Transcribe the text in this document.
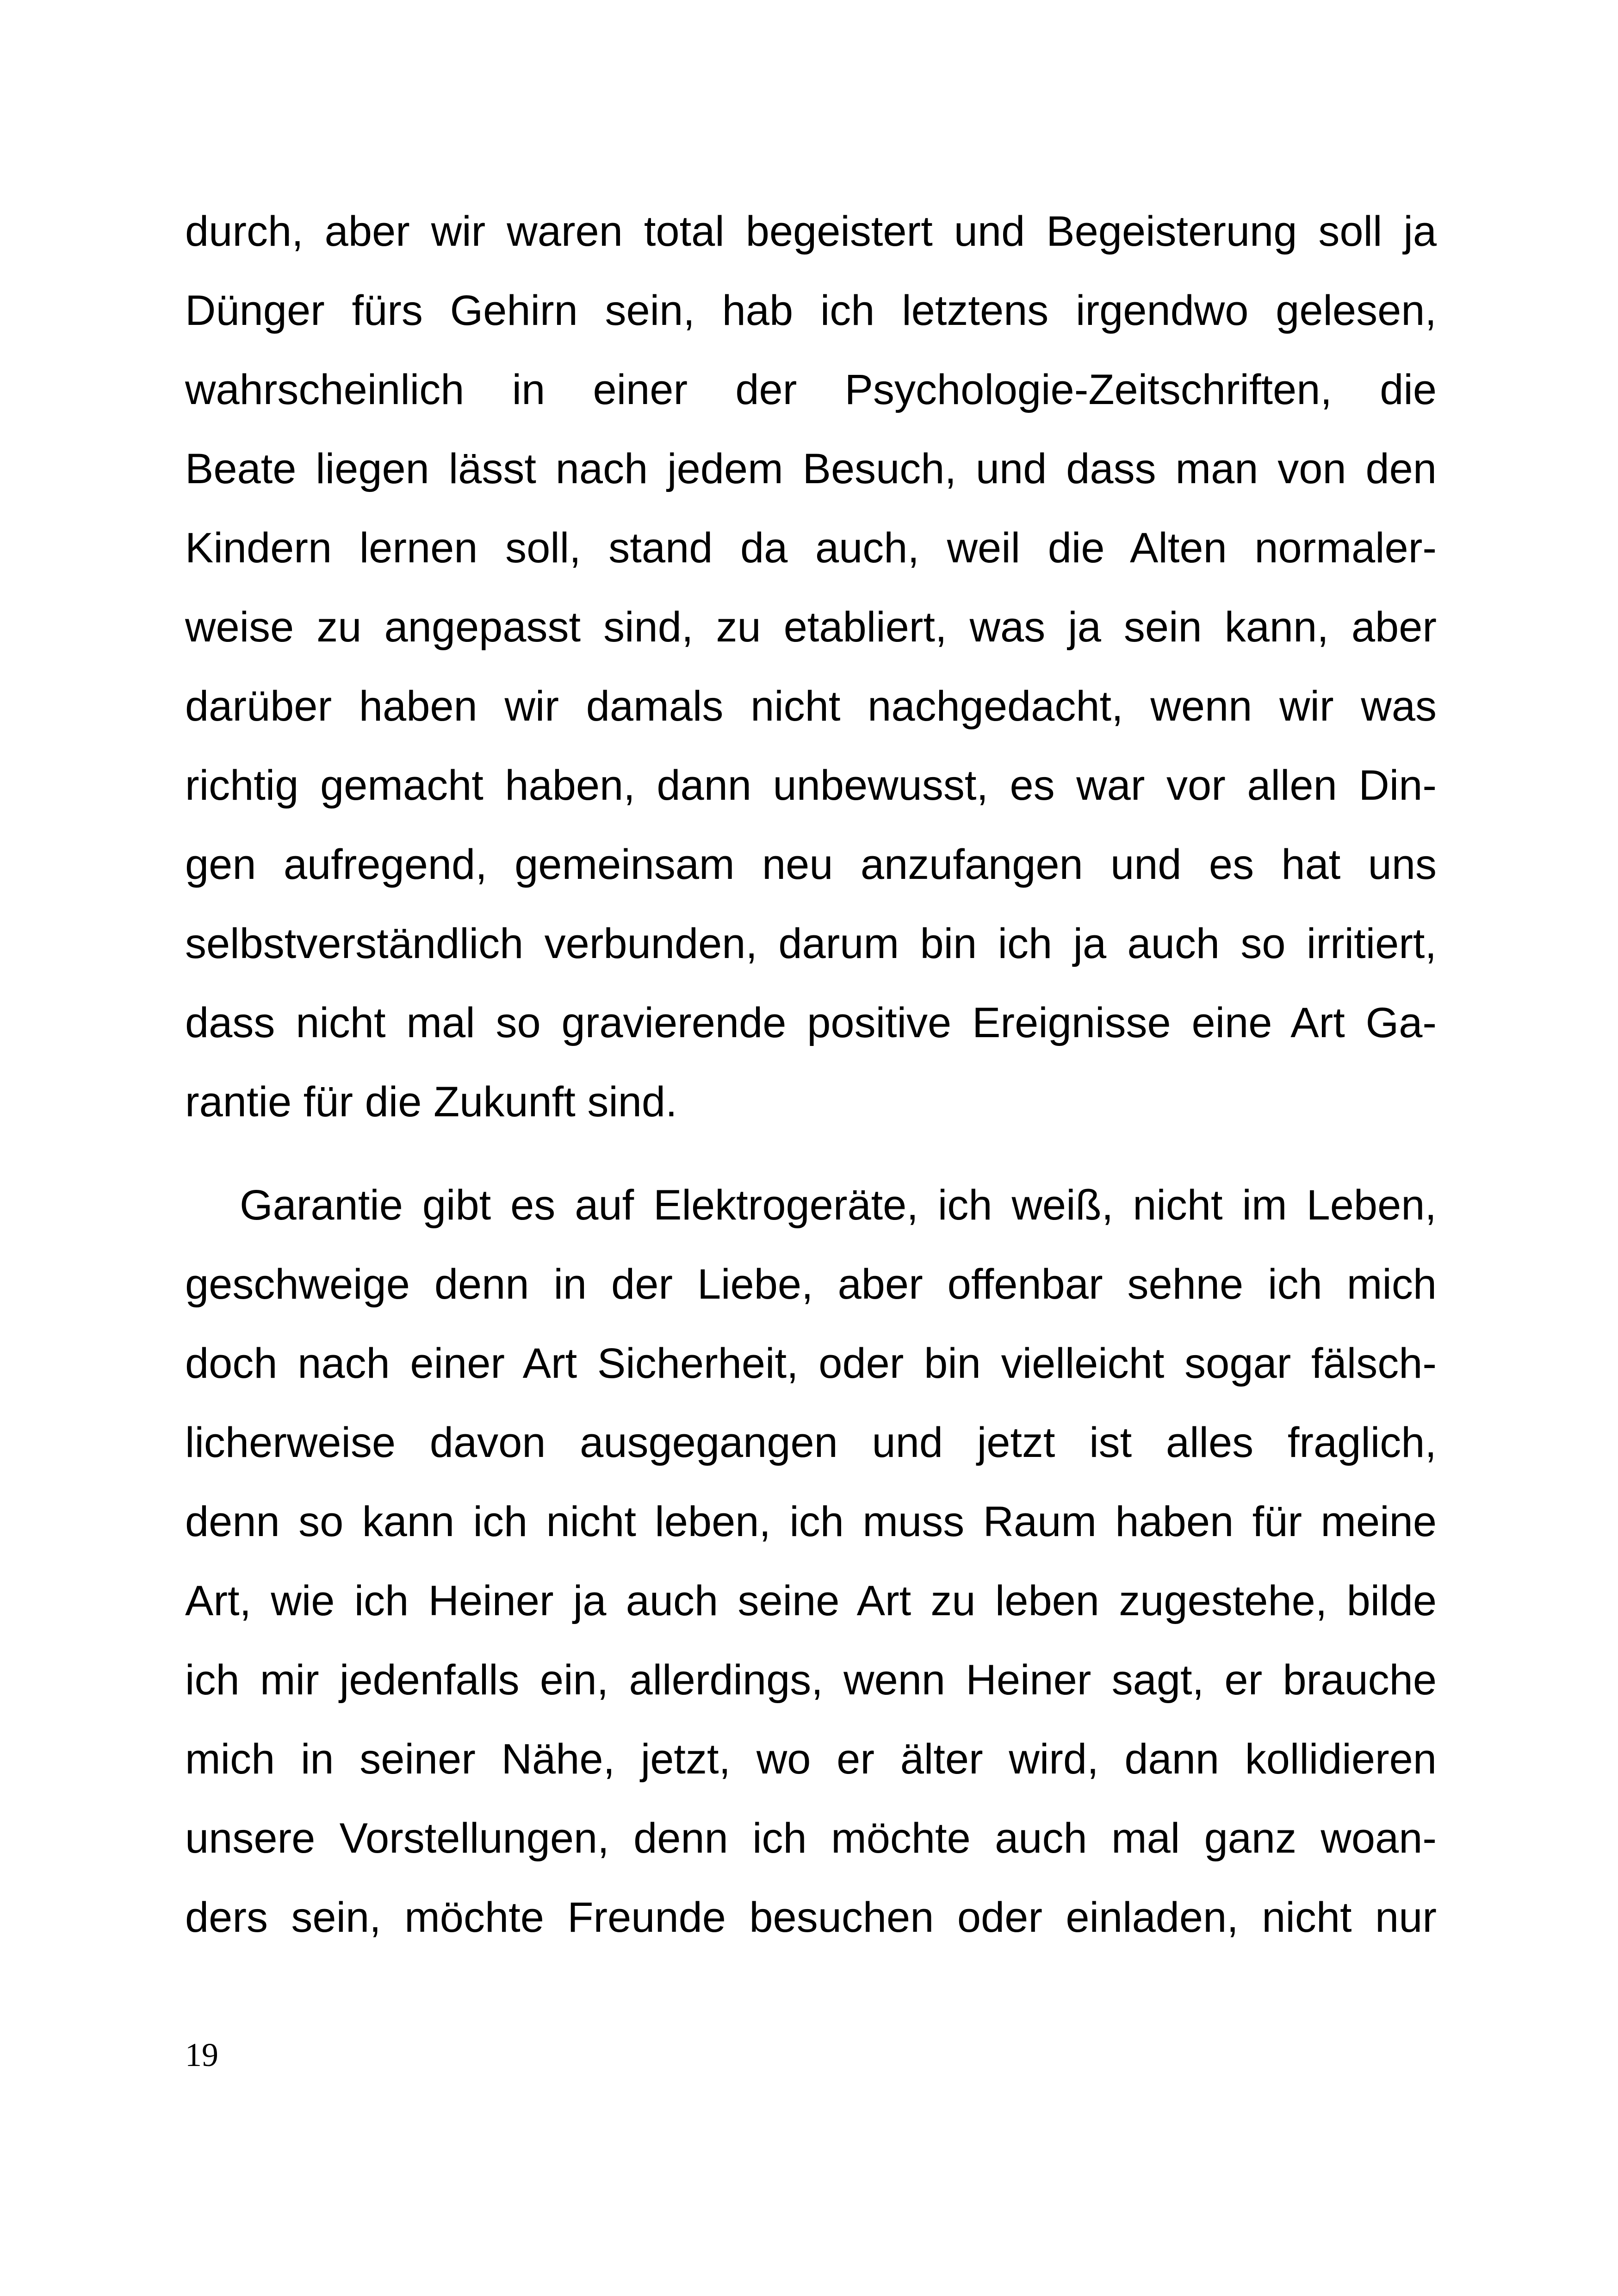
durch, aber wir waren total begeistert und Begeisterung soll ja
Dünger fürs Gehirn sein, hab ich letztens irgendwo gelesen,
wahrscheinlich in einer der Psychologie-Zeitschriften, die
Beate liegen lässt nach jedem Besuch, und dass man von den
Kindern lernen soll, stand da auch, weil die Alten normaler-
weise zu angepasst sind, zu etabliert, was ja sein kann, aber
darüber haben wir damals nicht nachgedacht, wenn wir was
richtig gemacht haben, dann unbewusst, es war vor allen Din-
gen aufregend, gemeinsam neu anzufangen und es hat uns
selbstverständlich verbunden, darum bin ich ja auch so irritiert,
dass nicht mal so gravierende positive Ereignisse eine Art Ga-
rantie für die Zukunft sind.

Garantie gibt es auf Elektrogeräte, ich weiß, nicht im Leben,
geschweige denn in der Liebe, aber offenbar sehne ich mich
doch nach einer Art Sicherheit, oder bin vielleicht sogar fälsch-
licherweise davon ausgegangen und jetzt ist alles fraglich,
denn so kann ich nicht leben, ich muss Raum haben für meine
Art, wie ich Heiner ja auch seine Art zu leben zugestehe, bilde
ich mir jedenfalls ein, allerdings, wenn Heiner sagt, er brauche
mich in seiner Nähe, jetzt, wo er älter wird, dann kollidieren
unsere Vorstellungen, denn ich möchte auch mal ganz woan-
ders sein, möchte Freunde besuchen oder einladen, nicht nur

19
